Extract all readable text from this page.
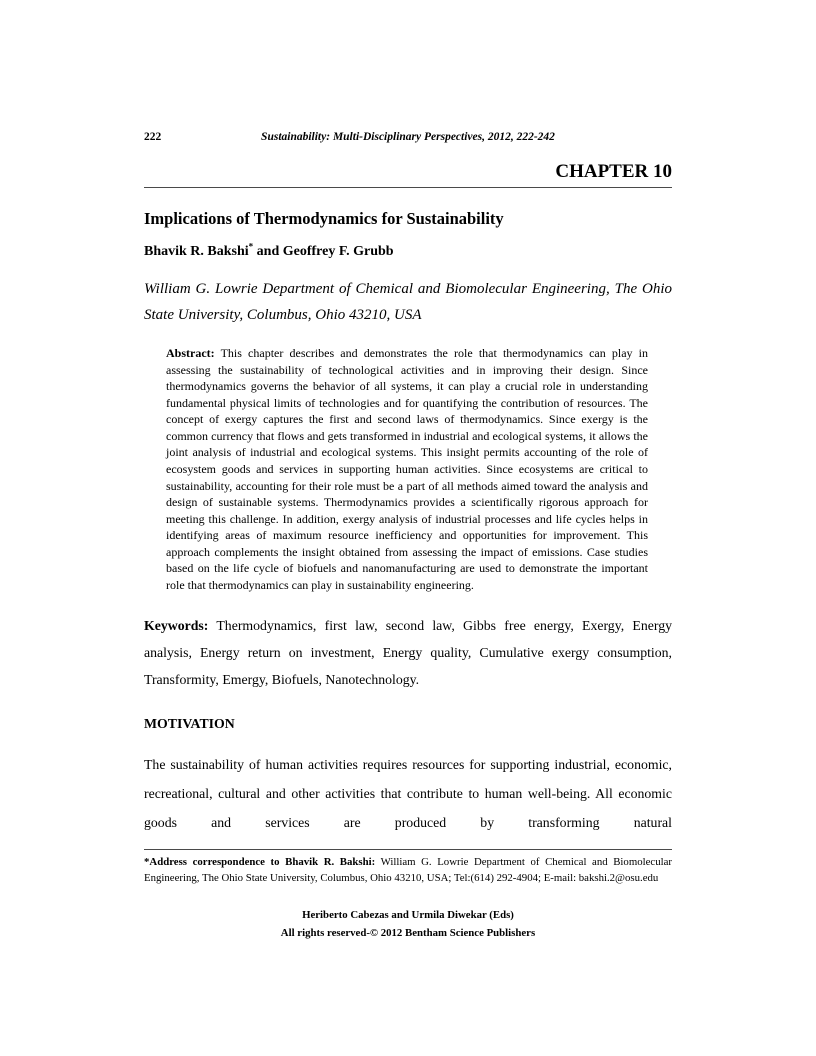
222	Sustainability: Multi-Disciplinary Perspectives, 2012, 222-242
CHAPTER 10
Implications of Thermodynamics for Sustainability

Bhavik R. Bakshi* and Geoffrey F. Grubb

William G. Lowrie Department of Chemical and Biomolecular Engineering, The Ohio State University, Columbus, Ohio 43210, USA

Abstract: This chapter describes and demonstrates the role that thermodynamics can play in assessing the sustainability of technological activities and in improving their design. Since thermodynamics governs the behavior of all systems, it can play a crucial role in understanding fundamental physical limits of technologies and for quantifying the contribution of resources. The concept of exergy captures the first and second laws of thermodynamics. Since exergy is the common currency that flows and gets transformed in industrial and ecological systems, it allows the joint analysis of industrial and ecological systems. This insight permits accounting of the role of ecosystem goods and services in supporting human activities. Since ecosystems are critical to sustainability, accounting for their role must be a part of all methods aimed toward the analysis and design of sustainable systems. Thermodynamics provides a scientifically rigorous approach for meeting this challenge. In addition, exergy analysis of industrial processes and life cycles helps in identifying areas of maximum resource inefficiency and opportunities for improvement. This approach complements the insight obtained from assessing the impact of emissions. Case studies based on the life cycle of biofuels and nanomanufacturing are used to demonstrate the important role that thermodynamics can play in sustainability engineering.

Keywords: Thermodynamics, first law, second law, Gibbs free energy, Exergy, Energy analysis, Energy return on investment, Energy quality, Cumulative exergy consumption, Transformity, Emergy, Biofuels, Nanotechnology.

MOTIVATION

The sustainability of human activities requires resources for supporting industrial, economic, recreational, cultural and other activities that contribute to human well-being. All economic goods and services are produced by transforming natural

*Address correspondence to Bhavik R. Bakshi: William G. Lowrie Department of Chemical and Biomolecular Engineering, The Ohio State University, Columbus, Ohio 43210, USA; Tel:(614) 292-4904; E-mail: bakshi.2@osu.edu
Heriberto Cabezas and Urmila Diwekar (Eds)
All rights reserved-© 2012 Bentham Science Publishers
